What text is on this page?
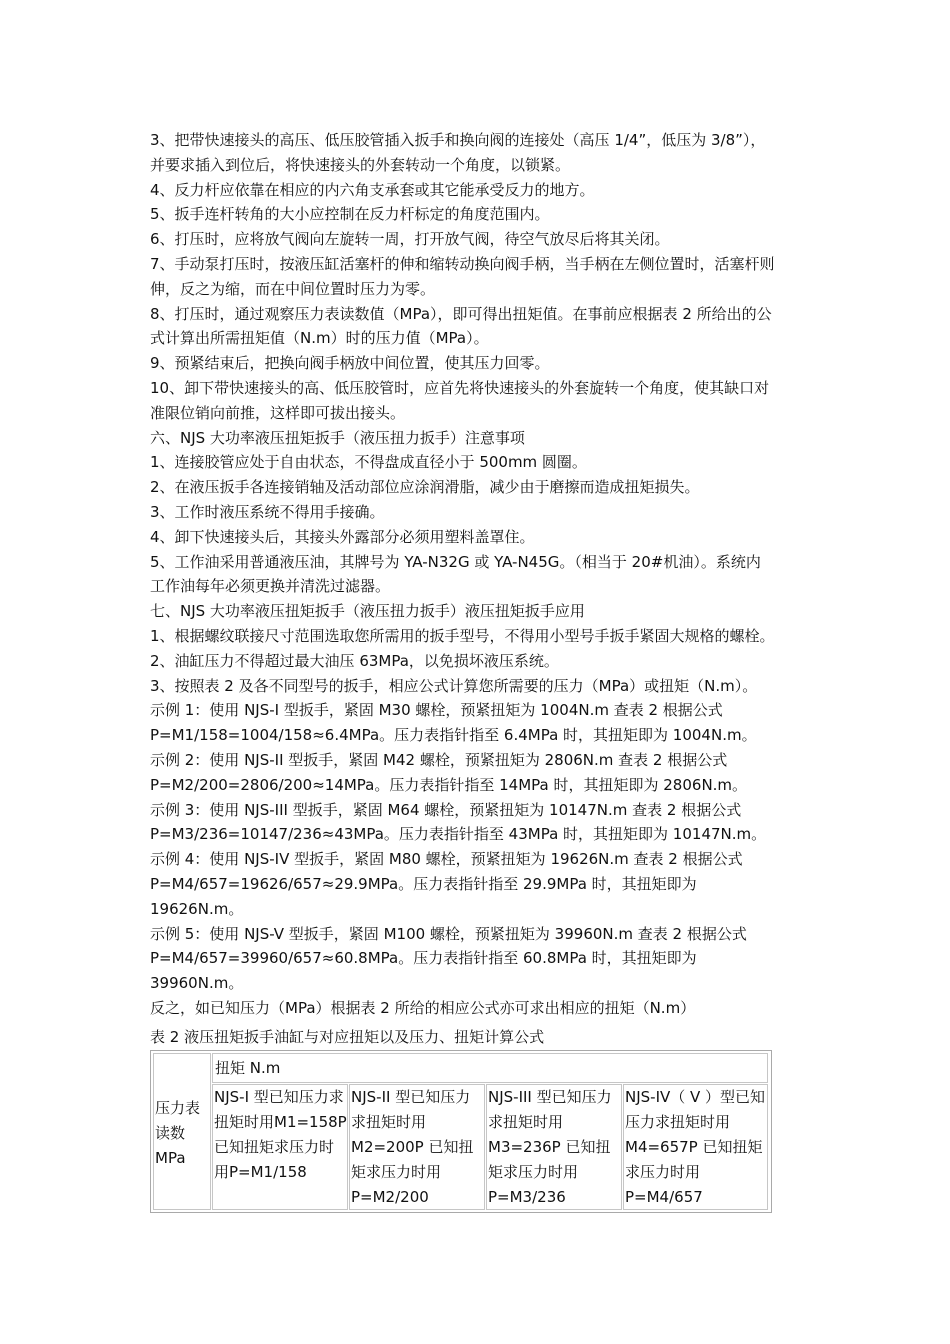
3、把带快速接头的高压、低压胶管插入扳手和换向阀的连接处（高压 1/4”，低压为 3/8”），并要求插入到位后，将快速接头的外套转动一个角度，以锁紧。

4、反力杆应依靠在相应的内六角支承套或其它能承受反力的地方。

5、扳手连杆转角的大小应控制在反力杆标定的角度范围内。

6、打压时，应将放气阀向左旋转一周，打开放气阀，待空气放尽后将其关闭。

7、手动泵打压时，按液压缸活塞杆的伸和缩转动换向阀手柄，当手柄在左侧位置时，活塞杆则伸，反之为缩，而在中间位置时压力为零。

8、打压时，通过观察压力表读数值（MPa），即可得出扭矩值。在事前应根据表 2 所给出的公式计算出所需扭矩值（N.m）时的压力值（MPa）。

9、预紧结束后，把换向阀手柄放中间位置，使其压力回零。

10、卸下带快速接头的高、低压胶管时，应首先将快速接头的外套旋转一个角度，使其缺口对准限位销向前推，这样即可拔出接头。

六、NJS 大功率液压扭矩扳手（液压扭力扳手）注意事项

1、连接胶管应处于自由状态，不得盘成直径小于 500mm 圆圈。

2、在液压扳手各连接销轴及活动部位应涂润滑脂，减少由于磨擦而造成扭矩损失。

3、工作时液压系统不得用手接确。

4、卸下快速接头后，其接头外露部分必须用塑料盖罩住。

5、工作油采用普通液压油，其牌号为 YA-N32G 或 YA-N45G。（相当于 20#机油）。系统内工作油每年必须更换并清洗过滤器。

七、NJS 大功率液压扭矩扳手（液压扭力扳手）液压扭矩扳手应用

1、根据螺纹联接尺寸范围选取您所需用的扳手型号，不得用小型号手扳手紧固大规格的螺栓。

2、油缸压力不得超过最大油压 63MPa，以免损坏液压系统。

3、按照表 2 及各不同型号的扳手，相应公式计算您所需要的压力（MPa）或扭矩（N.m）。

示例 1：使用 NJS-I 型扳手，紧固 M30 螺栓，预紧扭矩为 1004N.m 查表 2 根据公式P=M1/158=1004/158≈6.4MPa。压力表指针指至 6.4MPa 时，其扭矩即为 1004N.m。

示例 2：使用 NJS-II 型扳手，紧固 M42 螺栓，预紧扭矩为 2806N.m 查表 2 根据公式P=M2/200=2806/200≈14MPa。压力表指针指至 14MPa 时，其扭矩即为 2806N.m。

示例 3：使用 NJS-III 型扳手，紧固 M64 螺栓，预紧扭矩为 10147N.m 查表 2 根据公式P=M3/236=10147/236≈43MPa。压力表指针指至 43MPa 时，其扭矩即为 10147N.m。

示例 4：使用 NJS-IV 型扳手，紧固 M80 螺栓，预紧扭矩为 19626N.m 查表 2 根据公式P=M4/657=19626/657≈29.9MPa。压力表指针指至 29.9MPa 时，其扭矩即为 19626N.m。

示例 5：使用 NJS-V 型扳手，紧固 M100 螺栓，预紧扭矩为 39960N.m 查表 2 根据公式P=M4/657=39960/657≈60.8MPa。压力表指针指至 60.8MPa 时，其扭矩即为 39960N.m。

反之，如已知压力（MPa）根据表 2 所给的相应公式亦可求出相应的扭矩（N.m）

表 2 液压扭矩扳手油缸与对应扭矩以及压力、扭矩计算公式
压力表读数MPa
扭矩 N.m
NJS-I 型已知压力求扭矩时用M1=158P 已知扭矩求压力时用P=M1/158
NJS-II 型已知压力求扭矩时用M2=200P 已知扭矩求压力时用P=M2/200
NJS-III 型已知压力求扭矩时用M3=236P 已知扭矩求压力时用P=M3/236
NJS-IV（ V ）型已知压力求扭矩时用M4=657P 已知扭矩求压力时用P=M4/657
